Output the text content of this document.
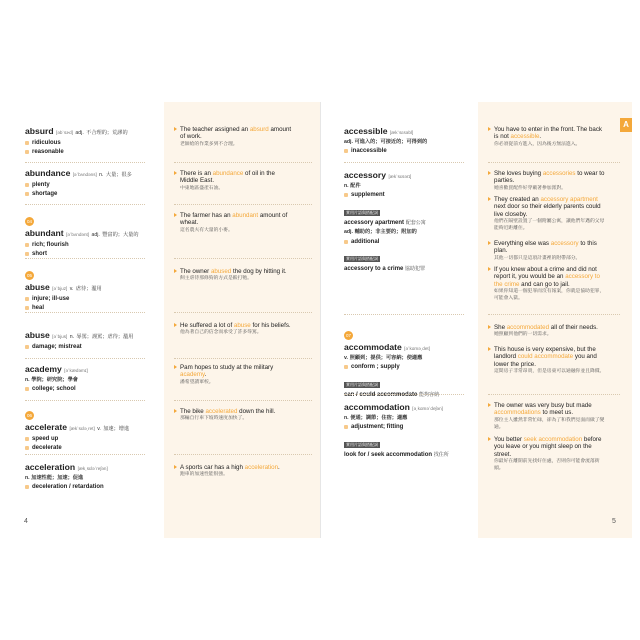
4
absurd [əb`sɝd] adj. 不合理的；荒謬的
ridiculous
reasonable
abundance [ə`bʌndəns] n. 大量；很多
plenty
shortage
04
abundant [ə`bʌndənt] adj. 豐富的；大量的
rich; flourish
short
05
abuse [ə`bjuz] v. 虐待；濫用
injure; ill-use
heal
abuse [ə`bjus] n. 辱罵；謾罵；虐待；濫用
damage; mistreat
academy [ə`kædəmɪ]
n. 學院；研究院；學會
college; school
06
accelerate [æk`sɛlə͵ret] v. 加速；增進
speed up
decelerate
acceleration [æk͵sɛlə`reʃən]
n. 加速性能；加速；促進
deceleration / retardation
The teacher assigned an absurd amount of work.
老師給的作業多到不合理。
There is an abundance of oil in the Middle East.
中東地區盛產石油。
The farmer has an abundant amount of wheat.
這名農夫有大量的小麥。
The owner abused the dog by hitting it.
飼主虐待那條狗的方式是毆打牠。
He suffered a lot of abuse for his beliefs.
他為著自己的信念而承受了許多辱罵。
Pam hopes to study at the military academy.
潘希望讀軍校。
The bike accelerated down the hill.
那輛自行車下坡時速度加快了。
A sports car has a high acceleration.
跑車的加速性能很強。
A
5
accessible [æk`sɛsəbl]
adj. 可進入的；可接近的；可得到的
inaccessible
accessory [æk`sɛsərɪ]
n. 配件
supplement
實用片語與搭配詞
accessory apartment 配套公寓
adj. 輔助的；非主要的；附加的
additional
實用片語與搭配詞
accessory to a crime 協助犯罪
07
accommodate [ə`kɑmə͵det]
v. 照顧到；提供；可容納；使適應
conform ; supply
實用片語與搭配詞
can / could accommodate 能夠容納
accommodation [ə͵kɑmə`deʃən]
n. 便通；調節；住宿；適應
adjustment; fitting
實用片語與搭配詞
look for / seek accommodation 找住所
You have to enter in the front. The back is not accessible.
你必須從前方進入，因為後方無法進入。
She loves buying accessories to wear to parties.
她喜歡買配件好穿戴著參加派對。
They created an accessory apartment next door so their elderly parents could live closeby.
他們在隔壁設置了一個附屬公寓，讓他們年邁的父母能夠近距離住。
Everything else was accessory to this plan.
其他一切都只是這項計畫裡的附帶部分。
If you knew about a crime and did not report it, you would be an accessory to the crime and can go to jail.
如果你知道一個犯罪而沒有報案，你就是協助犯罪，可能會入獄。
She accommodated all of their needs.
她照顧到他們的一切需求。
This house is very expensive, but the landlord could accommodate you and lower the price.
這間房子非常昂貴，但是房東可以通融你並且降價。
The owner was very busy but made accommodations to meet us.
那位主人雖然非常忙碌，卻為了和我們見面而做了變通。
You better seek accommodation before you leave or you might sleep on the street.
你最好在離開前先找好住處，否則你可能會流落街頭。
